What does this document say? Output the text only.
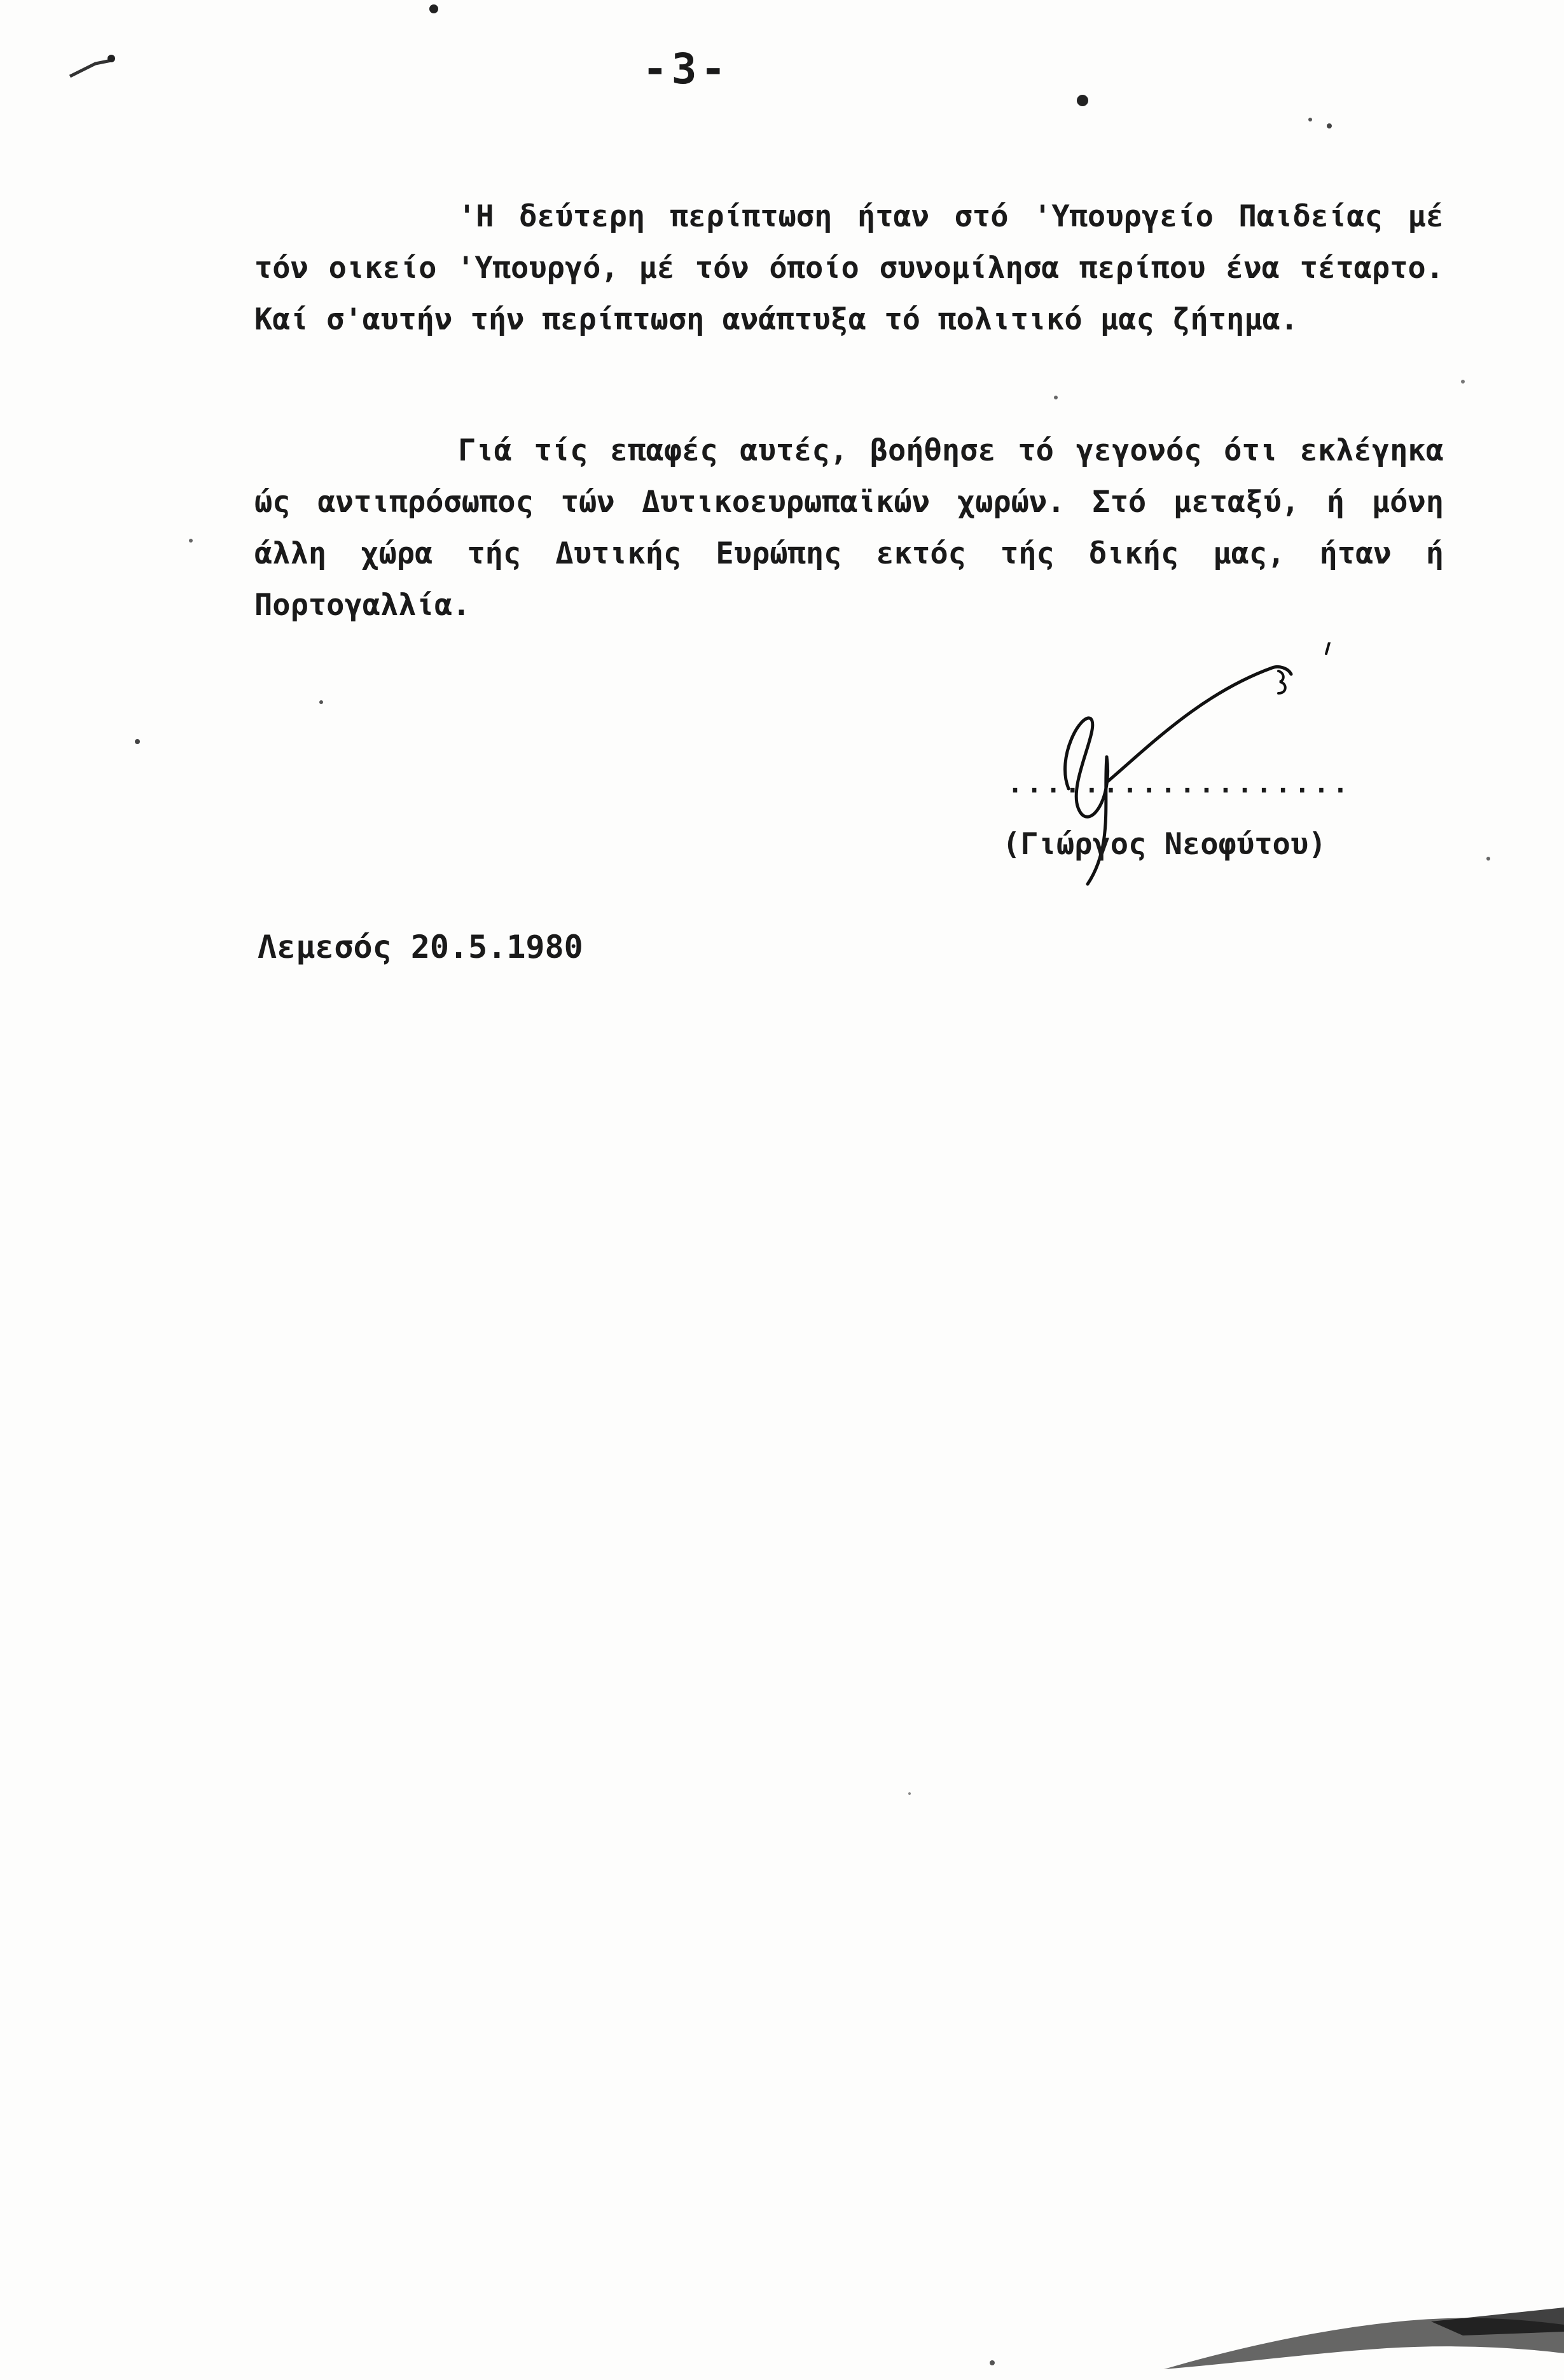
-3-

'Η δεύτερη περίπτωση ήταν στό 'Υπουργείο Παιδείας μέ τόν οικείο 'Υπουργό, μέ τόν όποίο συνομίλησα περίπου ένα τέταρτο. Καί σ'αυτήν τήν περίπτωση ανάπτυξα τό πολιτικό μας ζήτημα.

Γιά τίς επαφές αυτές, βοήθησε τό γεγονός ότι εκλέγηκα ώς αντιπρόσωπος τών Δυτικοευρωπαϊκών χωρών. Στό μεταξύ, ή μόνη άλλη χώρα τής Δυτικής Ευρώπης εκτός τής δικής μας, ήταν ή Πορτογαλλία.

..................
(Γιώργος Νεοφύτου)
Λεμεσός 20.5.1980
